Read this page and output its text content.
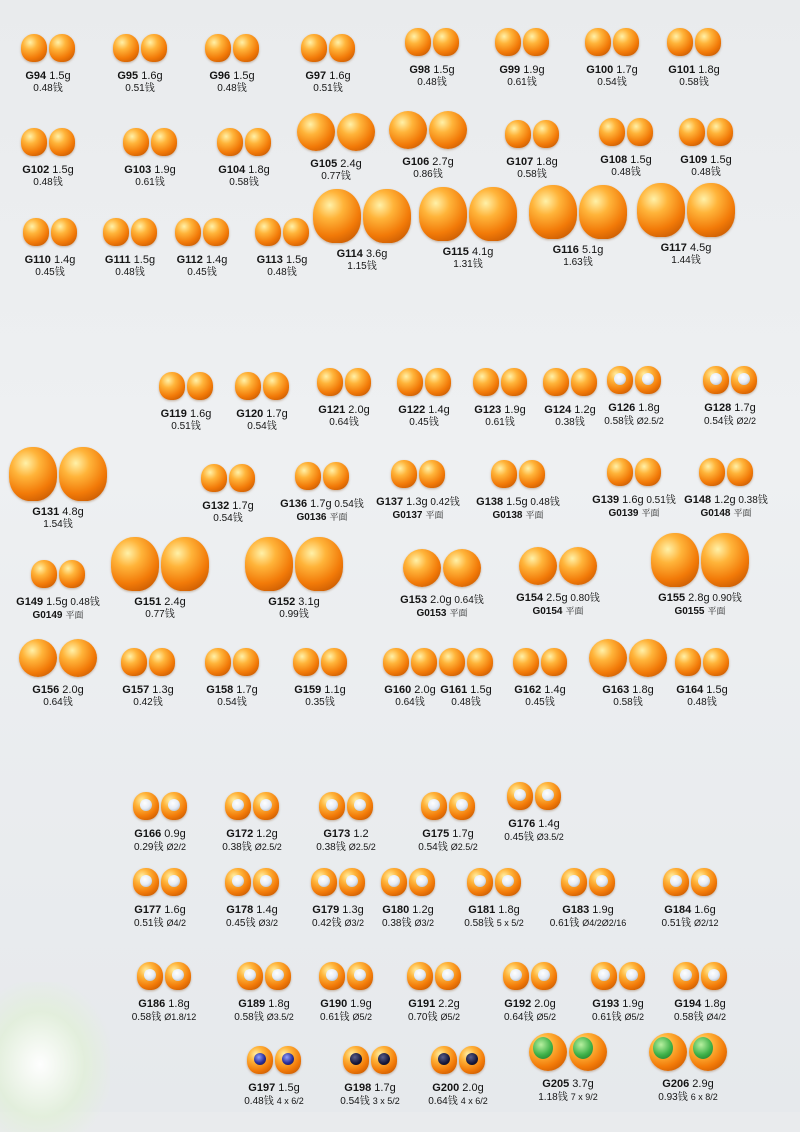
G94 1.5g
0.48钱
G95 1.6g
0.51钱
G96 1.5g
0.48钱
G97 1.6g
0.51钱
G98 1.5g
0.48钱
G99 1.9g
0.61钱
G100 1.7g
0.54钱
G101 1.8g
0.58钱
G102 1.5g
0.48钱
G103 1.9g
0.61钱
G104 1.8g
0.58钱
G105 2.4g
0.77钱
G106 2.7g
0.86钱
G107 1.8g
0.58钱
G108 1.5g
0.48钱
G109 1.5g
0.48钱
G110 1.4g
0.45钱
G111 1.5g
0.48钱
G112 1.4g
0.45钱
G113 1.5g
0.48钱
G114 3.6g
1.15钱
G115 4.1g
1.31钱
G116 5.1g
1.63钱
G117 4.5g
1.44钱
G119 1.6g
0.51钱
G120 1.7g
0.54钱
G121 2.0g
0.64钱
G122 1.4g
0.45钱
G123 1.9g
0.61钱
G124 1.2g
0.38钱
G126 1.8g
0.58钱 Ø2.5/2
G128 1.7g
0.54钱 Ø2/2
G131 4.8g
1.54钱
G132 1.7g
0.54钱
G136 1.7g 0.54钱
G0136 平面
G137 1.3g 0.42钱
G0137 平面
G138 1.5g 0.48钱
G0138 平面
G139 1.6g 0.51钱
G0139 平面
G148 1.2g 0.38钱
G0148 平面
G149 1.5g 0.48钱
G0149 平面
G151 2.4g
0.77钱
G152 3.1g
0.99钱
G153 2.0g 0.64钱
G0153 平面
G154 2.5g 0.80钱
G0154 平面
G155 2.8g 0.90钱
G0155 平面
G156 2.0g
0.64钱
G157 1.3g
0.42钱
G158 1.7g
0.54钱
G159 1.1g
0.35钱
G160 2.0g
0.64钱
G161 1.5g
0.48钱
G162 1.4g
0.45钱
G163 1.8g
0.58钱
G164 1.5g
0.48钱
G166 0.9g
0.29钱 Ø2/2
G172 1.2g
0.38钱 Ø2.5/2
G173 1.2
0.38钱 Ø2.5/2
G175 1.7g
0.54钱 Ø2.5/2
G176 1.4g
0.45钱 Ø3.5/2
G177 1.6g
0.51钱 Ø4/2
G178 1.4g
0.45钱 Ø3/2
G179 1.3g
0.42钱 Ø3/2
G180 1.2g
0.38钱 Ø3/2
G181 1.8g
0.58钱 5 x 5/2
G183 1.9g
0.61钱 Ø4/2Ø2/16
G184 1.6g
0.51钱 Ø2/12
G186 1.8g
0.58钱 Ø1.8/12
G189 1.8g
0.58钱 Ø3.5/2
G190 1.9g
0.61钱 Ø5/2
G191 2.2g
0.70钱 Ø5/2
G192 2.0g
0.64钱 Ø5/2
G193 1.9g
0.61钱 Ø5/2
G194 1.8g
0.58钱 Ø4/2
G197 1.5g
0.48钱 4 x 6/2
G198 1.7g
0.54钱 3 x 5/2
G200 2.0g
0.64钱 4 x 6/2
G205 3.7g
1.18钱 7 x 9/2
G206 2.9g
0.93钱 6 x 8/2
